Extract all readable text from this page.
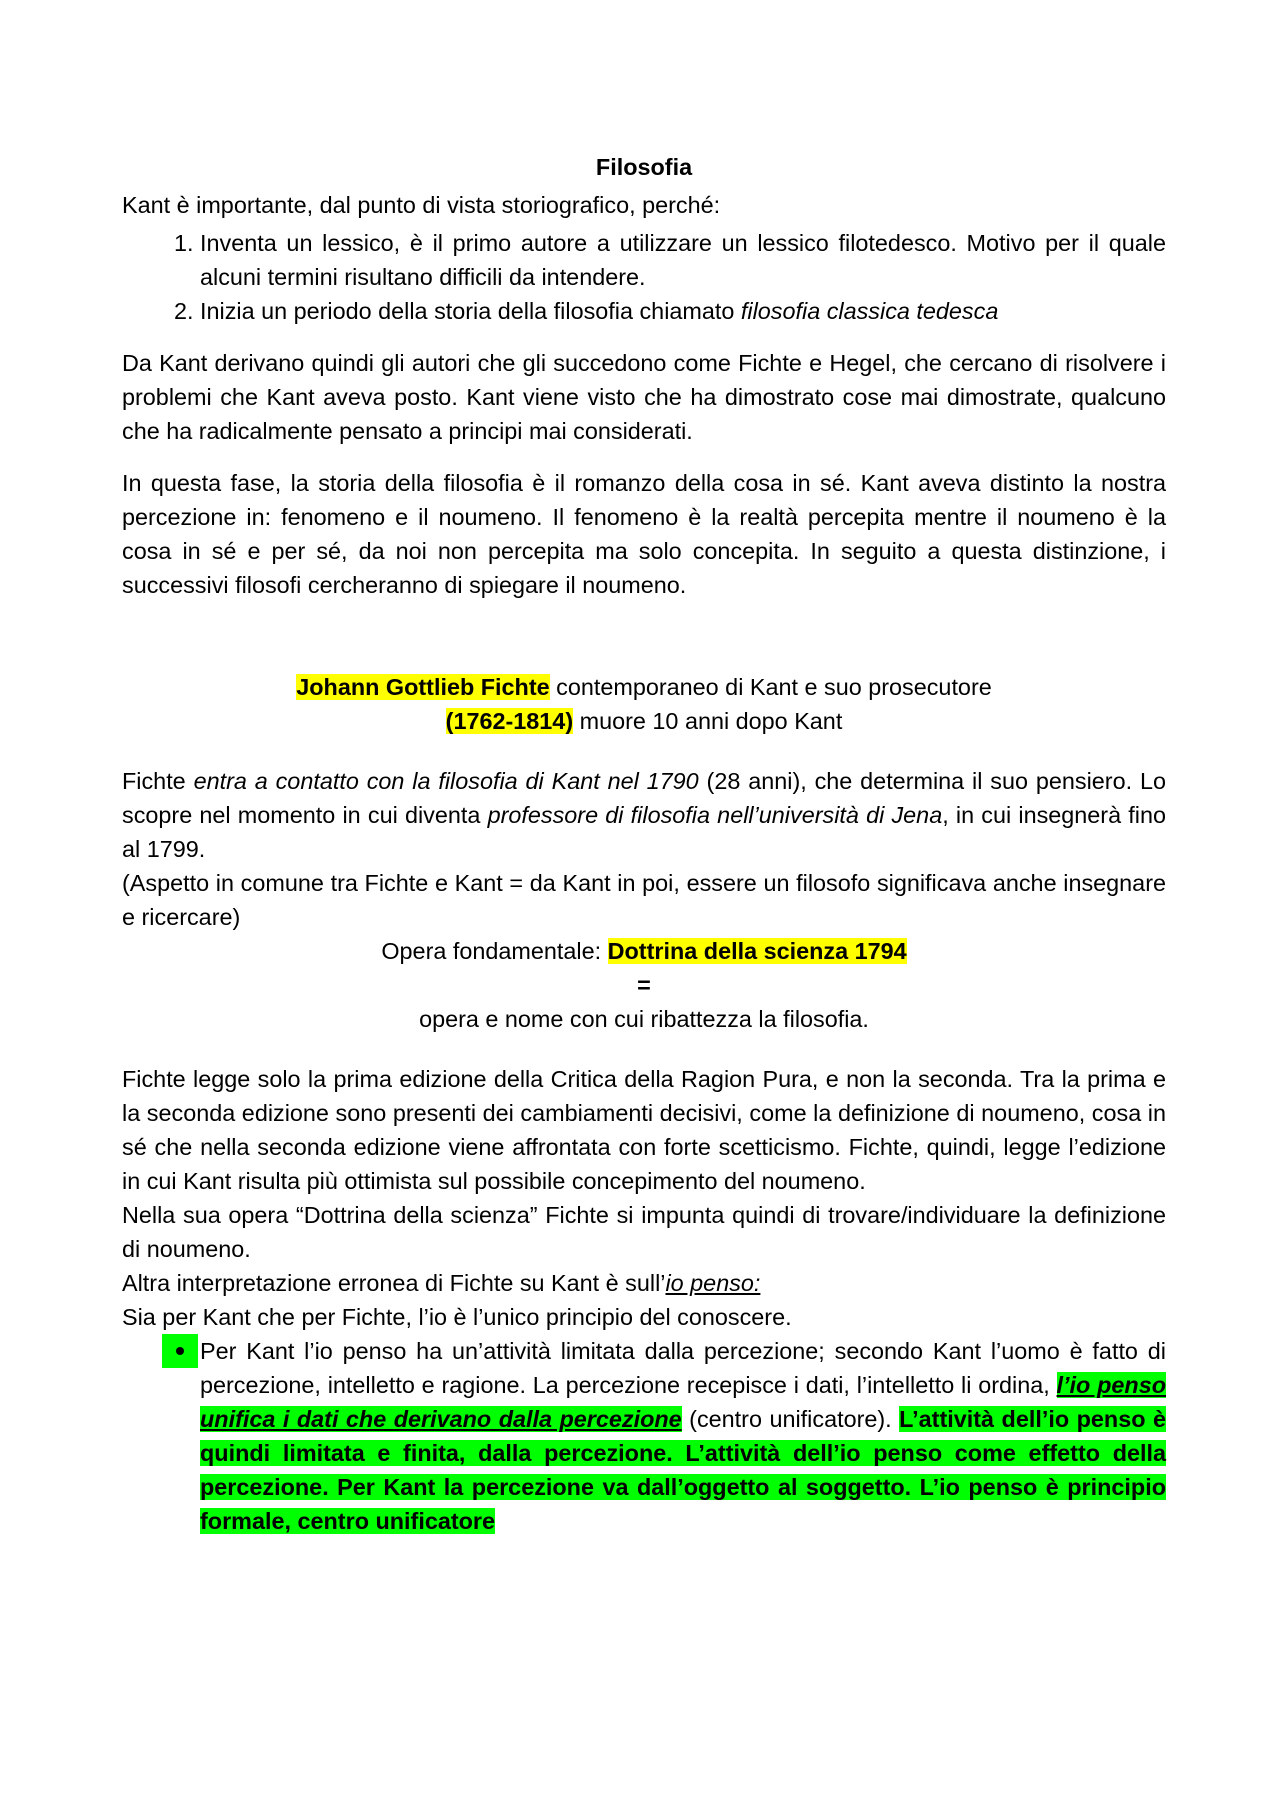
Filosofia

Kant è importante, dal punto di vista storiografico, perché:

1. Inventa un lessico, è il primo autore a utilizzare un lessico filotedesco. Motivo per il quale alcuni termini risultano difficili da intendere.
2. Inizia un periodo della storia della filosofia chiamato filosofia classica tedesca

Da Kant derivano quindi gli autori che gli succedono come Fichte e Hegel, che cercano di risolvere i problemi che Kant aveva posto. Kant viene visto che ha dimostrato cose mai dimostrate, qualcuno che ha radicalmente pensato a principi mai considerati.

In questa fase, la storia della filosofia è il romanzo della cosa in sé. Kant aveva distinto la nostra percezione in: fenomeno e il noumeno. Il fenomeno è la realtà percepita mentre il noumeno è la cosa in sé e per sé, da noi non percepita ma solo concepita. In seguito a questa distinzione, i successivi filosofi cercheranno di spiegare il noumeno.

Johann Gottlieb Fichte contemporaneo di Kant e suo prosecutore

(1762-1814) muore 10 anni dopo Kant

Fichte entra a contatto con la filosofia di Kant nel 1790 (28 anni), che determina il suo pensiero. Lo scopre nel momento in cui diventa professore di filosofia nell’università di Jena, in cui insegnerà fino al 1799.

(Aspetto in comune tra Fichte e Kant = da Kant in poi, essere un filosofo significava anche insegnare e ricercare)

Opera fondamentale: Dottrina della scienza 1794

=

opera e nome con cui ribattezza la filosofia.

Fichte legge solo la prima edizione della Critica della Ragion Pura, e non la seconda. Tra la prima e la seconda edizione sono presenti dei cambiamenti decisivi, come la definizione di noumeno, cosa in sé che nella seconda edizione viene affrontata con forte scetticismo. Fichte, quindi, legge l’edizione in cui Kant risulta più ottimista sul possibile concepimento del noumeno.

Nella sua opera “Dottrina della scienza” Fichte si impunta quindi di trovare/individuare la definizione di noumeno.

Altra interpretazione erronea di Fichte su Kant è sull’io penso:

Sia per Kant che per Fichte, l’io è l’unico principio del conoscere.

Per Kant l’io penso ha un’attività limitata dalla percezione; secondo Kant l’uomo è fatto di percezione, intelletto e ragione. La percezione recepisce i dati, l’intelletto li ordina, l’io penso unifica i dati che derivano dalla percezione (centro unificatore). L’attività dell’io penso è quindi limitata e finita, dalla percezione. L’attività dell’io penso come effetto della percezione. Per Kant la percezione va dall’oggetto al soggetto. L’io penso è principio formale, centro unificatore
